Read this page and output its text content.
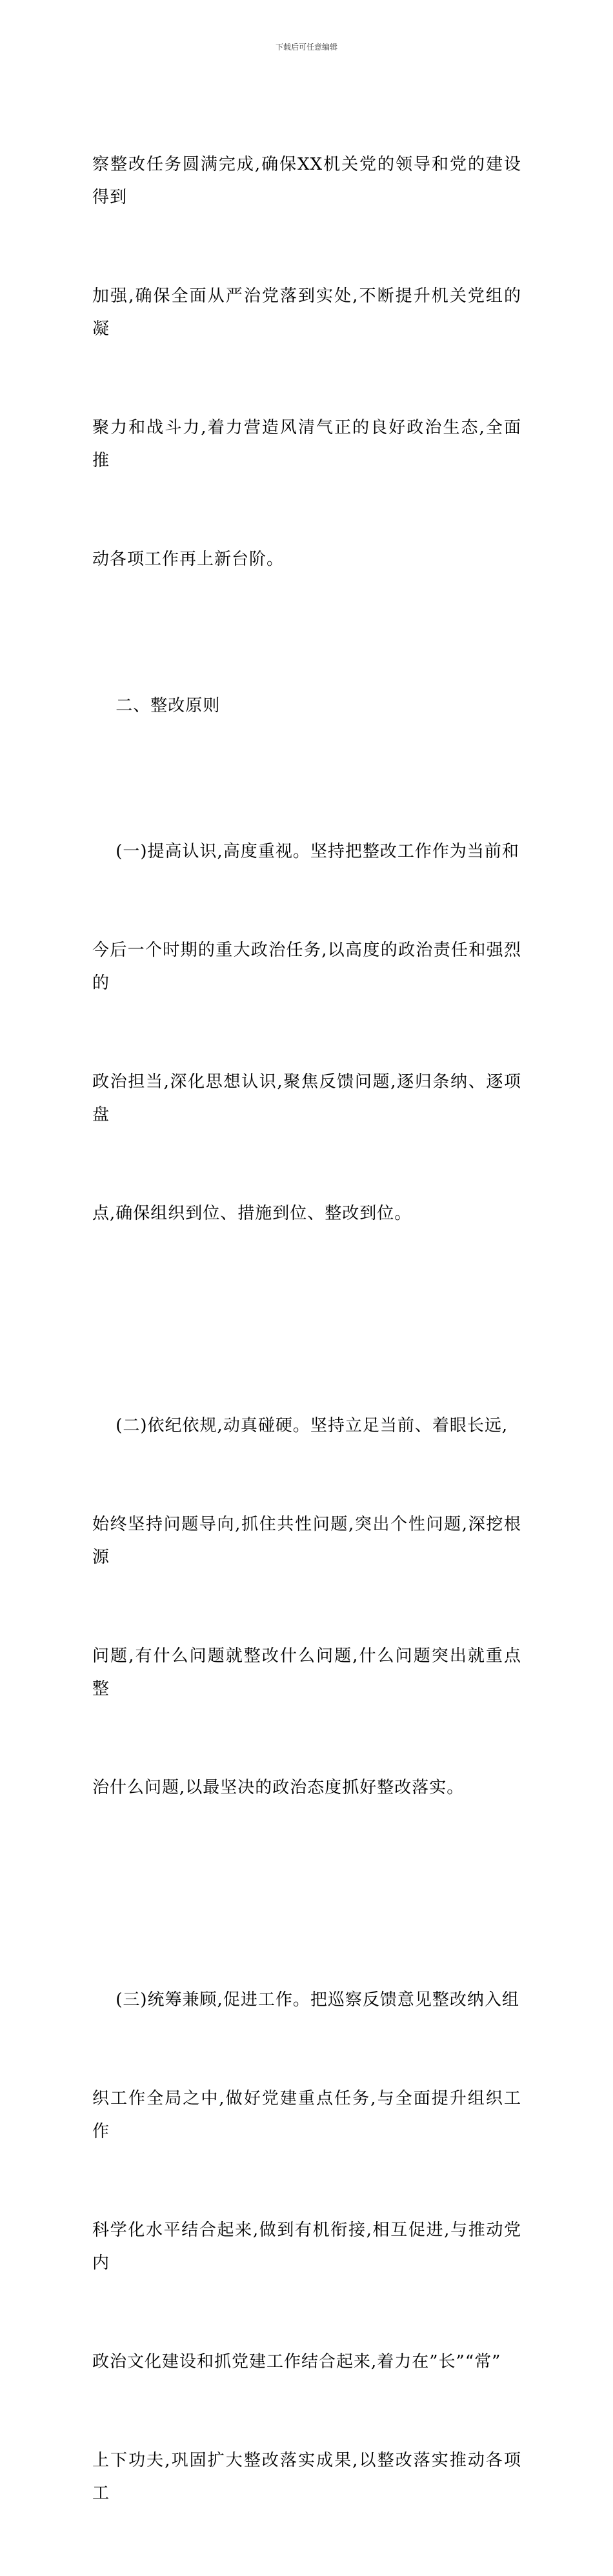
下载后可任意编辑

察整改任务圆满完成,确保XX机关党的领导和党的建设得到

加强,确保全面从严治党落到实处,不断提升机关党组的凝

聚力和战斗力,着力营造风清气正的良好政治生态,全面推

动各项工作再上新台阶。

　 二、整改原则

　 (一)提高认识,高度重视。坚持把整改工作作为当前和

今后一个时期的重大政治任务,以高度的政治责任和强烈的

政治担当,深化思想认识,聚焦反馈问题,逐归条纳、逐项盘

点,确保组织到位、措施到位、整改到位。

　 (二)依纪依规,动真碰硬。坚持立足当前、着眼长远,

始终坚持问题导向,抓住共性问题,突出个性问题,深挖根源

问题,有什么问题就整改什么问题,什么问题突出就重点整

治什么问题,以最坚决的政治态度抓好整改落实。

　 (三)统筹兼顾,促进工作。把巡察反馈意见整改纳入组

织工作全局之中,做好党建重点任务,与全面提升组织工作

科学化水平结合起来,做到有机衔接,相互促进,与推动党内

政治文化建设和抓党建工作结合起来,着力在”长”“常”

上下功夫,巩固扩大整改落实成果,以整改落实推动各项工
